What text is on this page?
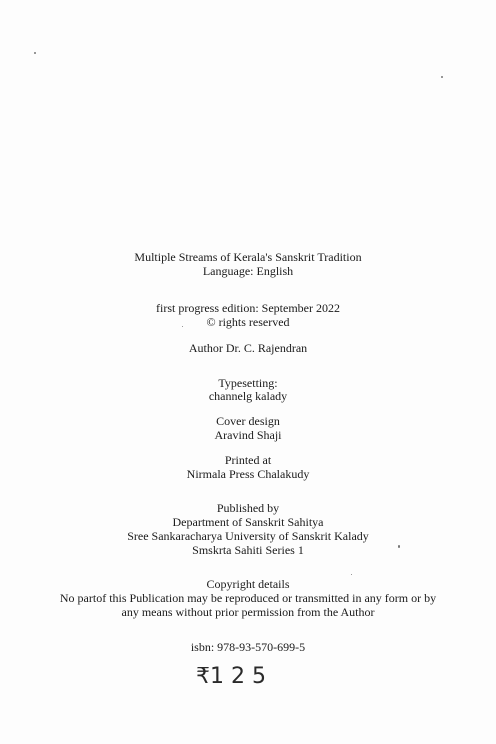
Multiple Streams of Kerala's Sanskrit Tradition
Language: English
first progress edition: September 2022
© rights reserved
Author Dr. C. Rajendran
Typesetting:
channelg kalady
Cover design
Aravind Shaji
Printed at
Nirmala Press Chalakudy
Published by
Department of Sanskrit Sahitya
Sree Sankaracharya University of Sanskrit Kalady
Smskrta Sahiti Series 1
Copyright details
No partof this Publication may be reproduced or transmitted in any form or by
any means without prior permission from the Author
isbn: 978-93-570-699-5
₹1 2 5
